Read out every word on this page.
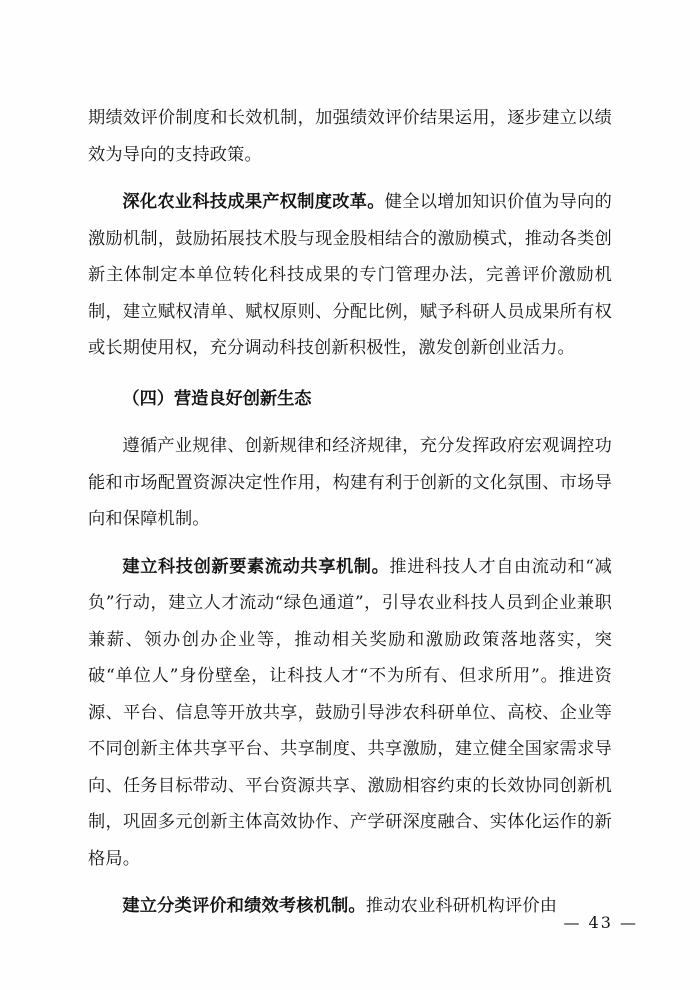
期绩效评价制度和长效机制，加强绩效评价结果运用，逐步建立以绩效为导向的支持政策。

深化农业科技成果产权制度改革。健全以增加知识价值为导向的激励机制，鼓励拓展技术股与现金股相结合的激励模式，推动各类创新主体制定本单位转化科技成果的专门管理办法，完善评价激励机制，建立赋权清单、赋权原则、分配比例，赋予科研人员成果所有权或长期使用权，充分调动科技创新积极性，激发创新创业活力。

（四）营造良好创新生态

遵循产业规律、创新规律和经济规律，充分发挥政府宏观调控功能和市场配置资源决定性作用，构建有利于创新的文化氛围、市场导向和保障机制。

建立科技创新要素流动共享机制。推进科技人才自由流动和“减负”行动，建立人才流动“绿色通道”，引导农业科技人员到企业兼职兼薪、领办创办企业等，推动相关奖励和激励政策落地落实，突破“单位人”身份壁垒，让科技人才“不为所有、但求所用”。推进资源、平台、信息等开放共享，鼓励引导涉农科研单位、高校、企业等不同创新主体共享平台、共享制度、共享激励，建立健全国家需求导向、任务目标带动、平台资源共享、激励相容约束的长效协同创新机制，巩固多元创新主体高效协作、产学研深度融合、实体化运作的新格局。

建立分类评价和绩效考核机制。推动农业科研机构评价由

— 43 —
